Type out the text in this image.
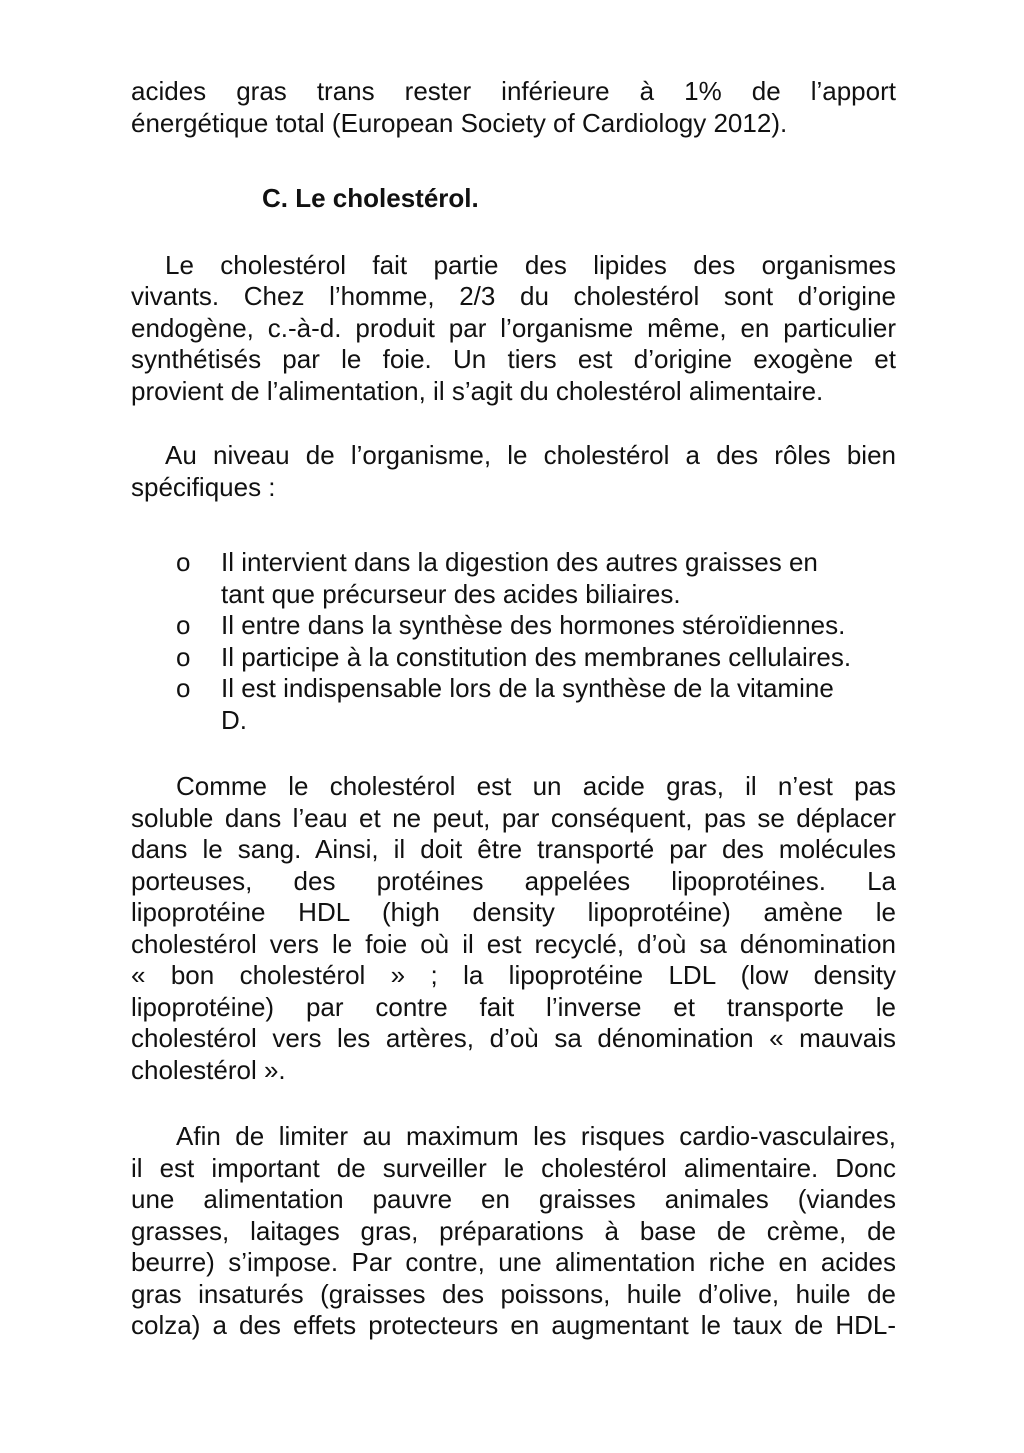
acides gras trans rester inférieure à 1% de l’apport

énergétique total (European Society of Cardiology 2012).

C. Le cholestérol.

Le cholestérol fait partie des lipides des organismes

vivants. Chez l’homme, 2/3 du cholestérol sont d’origine

endogène, c.-à-d. produit par l’organisme même, en particulier

synthétisés par le foie. Un tiers est d’origine exogène et

provient de l’alimentation, il s’agit du cholestérol alimentaire.

Au niveau de l’organisme, le cholestérol a des rôles bien

spécifiques :

o Il intervient dans la digestion des autres graisses en
tant que précurseur des acides biliaires.
o Il entre dans la synthèse des hormones stéroïdiennes.
o Il participe à la constitution des membranes cellulaires.
o Il est indispensable lors de la synthèse de la vitamine
D.

Comme le cholestérol est un acide gras, il n’est pas

soluble dans l’eau et ne peut, par conséquent, pas se déplacer

dans le sang. Ainsi, il doit être transporté par des molécules

porteuses, des protéines appelées lipoprotéines. La

lipoprotéine HDL (high density lipoprotéine) amène le

cholestérol vers le foie où il est recyclé, d’où sa dénomination

« bon cholestérol » ; la lipoprotéine LDL (low density

lipoprotéine) par contre fait l’inverse et transporte le

cholestérol vers les artères, d’où sa dénomination « mauvais

cholestérol ».

Afin de limiter au maximum les risques cardio-vasculaires,

il est important de surveiller le cholestérol alimentaire. Donc

une alimentation pauvre en graisses animales (viandes

grasses, laitages gras, préparations à base de crème, de

beurre) s’impose. Par contre, une alimentation riche en acides

gras insaturés (graisses des poissons, huile d’olive, huile de

colza) a des effets protecteurs en augmentant le taux de HDL-
